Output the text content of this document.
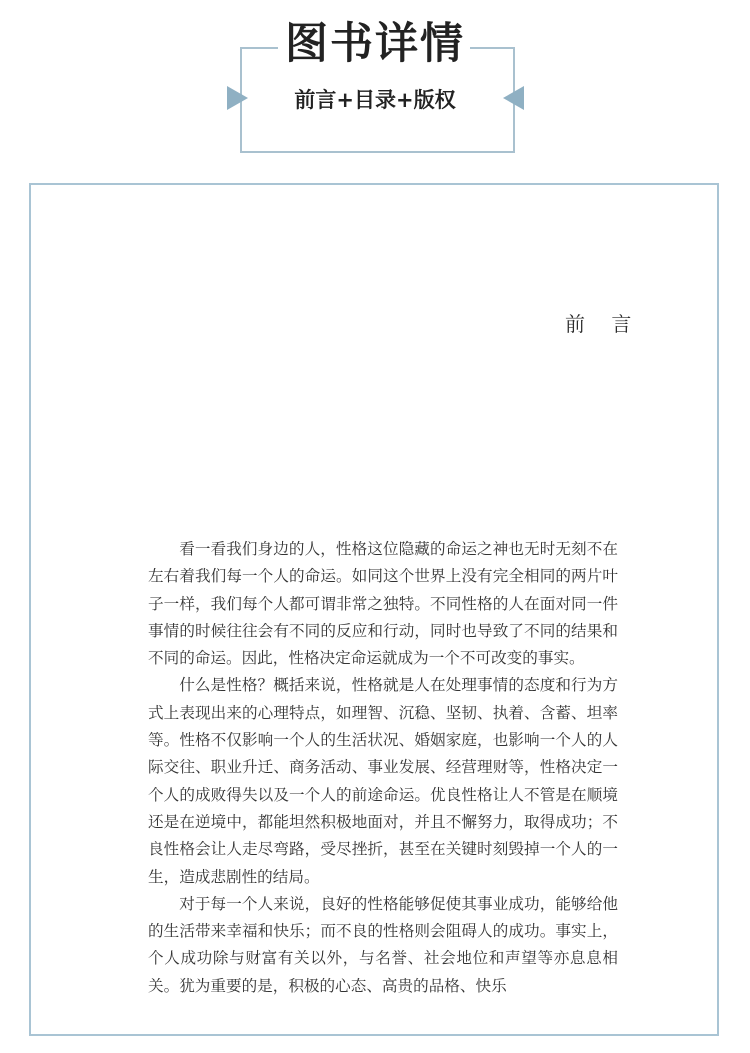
图书详情
前言+目录+版权
前 言

看一看我们身边的人，性格这位隐藏的命运之神也无时无刻不在左右着我们每一个人的命运。如同这个世界上没有完全相同的两片叶子一样，我们每个人都可谓非常之独特。不同性格的人在面对同一件事情的时候往往会有不同的反应和行动，同时也导致了不同的结果和不同的命运。因此，性格决定命运就成为一个不可改变的事实。

什么是性格？概括来说，性格就是人在处理事情的态度和行为方式上表现出来的心理特点，如理智、沉稳、坚韧、执着、含蓄、坦率等。性格不仅影响一个人的生活状况、婚姻家庭，也影响一个人的人际交往、职业升迁、商务活动、事业发展、经营理财等，性格决定一个人的成败得失以及一个人的前途命运。优良性格让人不管是在顺境还是在逆境中，都能坦然积极地面对，并且不懈努力，取得成功；不良性格会让人走尽弯路，受尽挫折，甚至在关键时刻毁掉一个人的一生，造成悲剧性的结局。

对于每一个人来说，良好的性格能够促使其事业成功，能够给他的生活带来幸福和快乐；而不良的性格则会阻碍人的成功。事实上，个人成功除与财富有关以外，与名誉、社会地位和声望等亦息息相关。犹为重要的是，积极的心态、高贵的品格、快乐
